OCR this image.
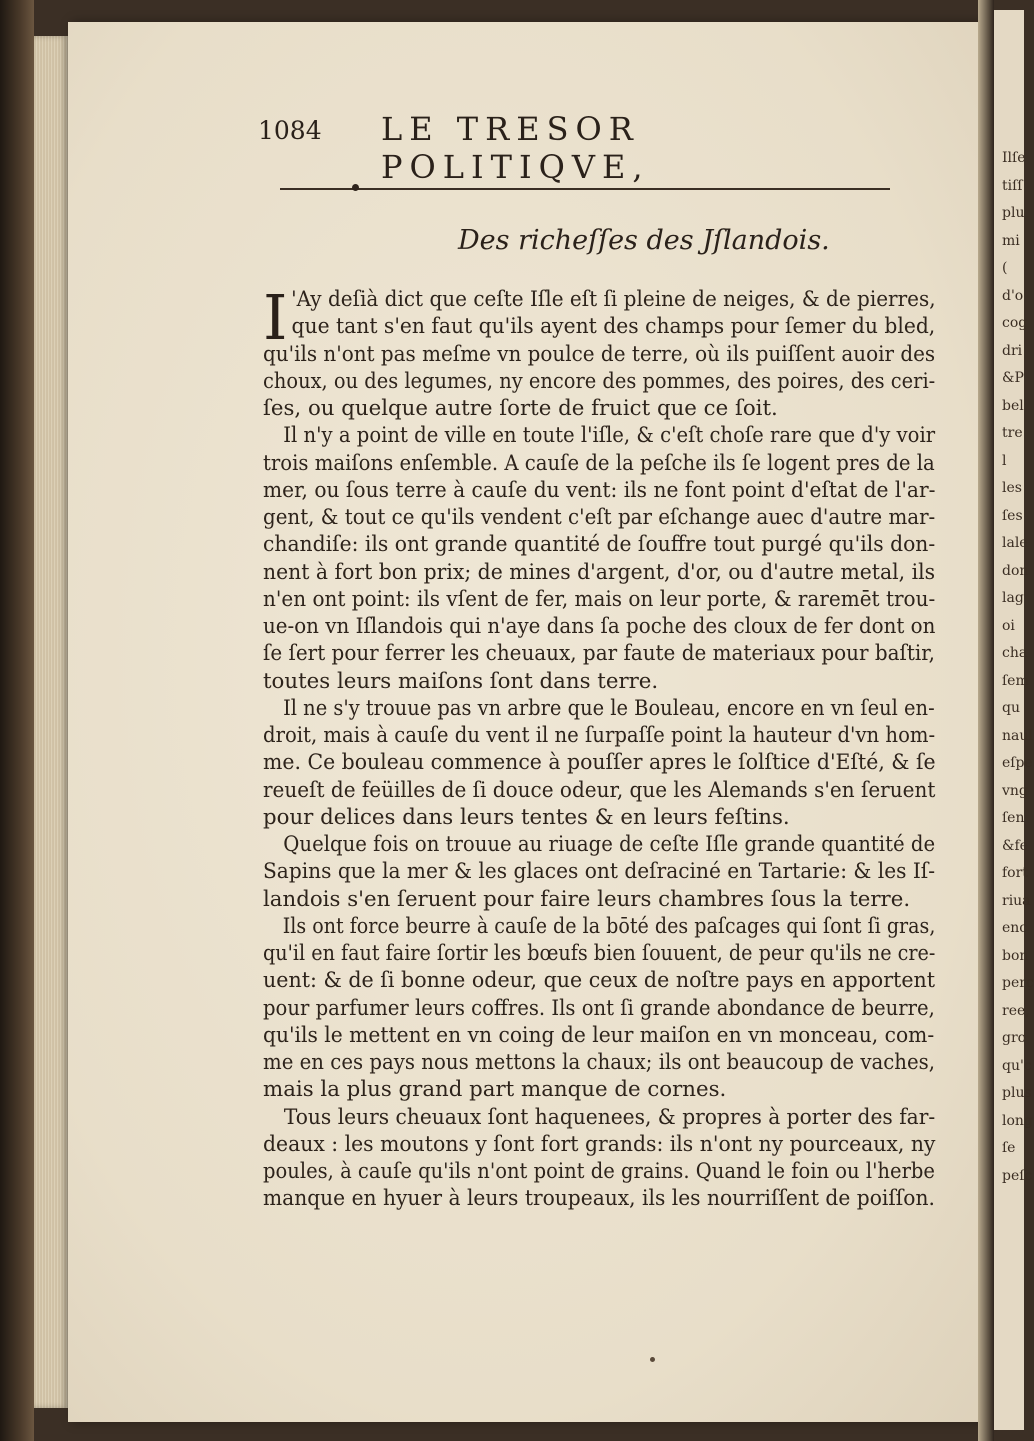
1084 LE TRESOR POLITIQVE,
Des richeſſes des Jſlandois.
I 'Ay deſià dict que ceſte Iſle eſt ſi pleine de neiges, & de pierres,
que tant s'en faut qu'ils ayent des champs pour ſemer du bled,
qu'ils n'ont pas meſme vn poulce de terre, où ils puiſſent auoir des
choux, ou des legumes, ny encore des pommes, des poires, des ceri-
ſes, ou quelque autre ſorte de fruict que ce ſoit.
Il n'y a point de ville en toute l'iſle, & c'eſt choſe rare que d'y voir
trois maiſons enſemble. A cauſe de la peſche ils ſe logent pres de la
mer, ou ſous terre à cauſe du vent: ils ne font point d'eſtat de l'ar-
gent, & tout ce qu'ils vendent c'eſt par eſchange auec d'autre mar-
chandiſe: ils ont grande quantité de ſouffre tout purgé qu'ils don-
nent à fort bon prix; de mines d'argent, d'or, ou d'autre metal, ils
n'en ont point: ils vſent de fer, mais on leur porte, & raremēt trou-
ue-on vn Iſlandois qui n'aye dans ſa poche des cloux de fer dont on
ſe ſert pour ferrer les cheuaux, par faute de materiaux pour baſtir,
toutes leurs maiſons ſont dans terre.
Il ne s'y trouue pas vn arbre que le Bouleau, encore en vn ſeul en-
droit, mais à cauſe du vent il ne ſurpaſſe point la hauteur d'vn hom-
me. Ce bouleau commence à pouſſer apres le ſolſtice d'Eſté, & ſe
reueſt de feüilles de ſi douce odeur, que les Alemands s'en ſeruent
pour delices dans leurs tentes & en leurs feſtins.
Quelque fois on trouue au riuage de ceſte Iſle grande quantité de
Sapins que la mer & les glaces ont deſraciné en Tartarie: & les Iſ-
landois s'en ſeruent pour faire leurs chambres ſous la terre.
Ils ont force beurre à cauſe de la bōté des paſcages qui ſont ſi gras,
qu'il en faut faire ſortir les bœufs bien ſouuent, de peur qu'ils ne cre-
uent: & de ſi bonne odeur, que ceux de noſtre pays en apportent
pour parfumer leurs coffres. Ils ont ſi grande abondance de beurre,
qu'ils le mettent en vn coing de leur maiſon en vn monceau, com-
me en ces pays nous mettons la chaux; ils ont beaucoup de vaches,
mais la plus grand part manque de cornes.
Tous leurs cheuaux ſont haquenees, & propres à porter des far-
deaux : les moutons y ſont fort grands: ils n'ont ny pourceaux, ny
poules, à cauſe qu'ils n'ont point de grains. Quand le foin ou l'herbe
manque en hyuer à leurs troupeaux, ils les nourriſſent de poiſſon.
Ilſe
tiſſ
plu
mi
(
d'o
cog
dri
&P
bel
tre
l
les
ſes
lale
don
lag
oi
cha
ſem
qu
naul
eſpe
vng
ſen
&fe
fort
riua
enc
bon
perç
ree,
gro
qu'c
plus
long
ſe
peſc
